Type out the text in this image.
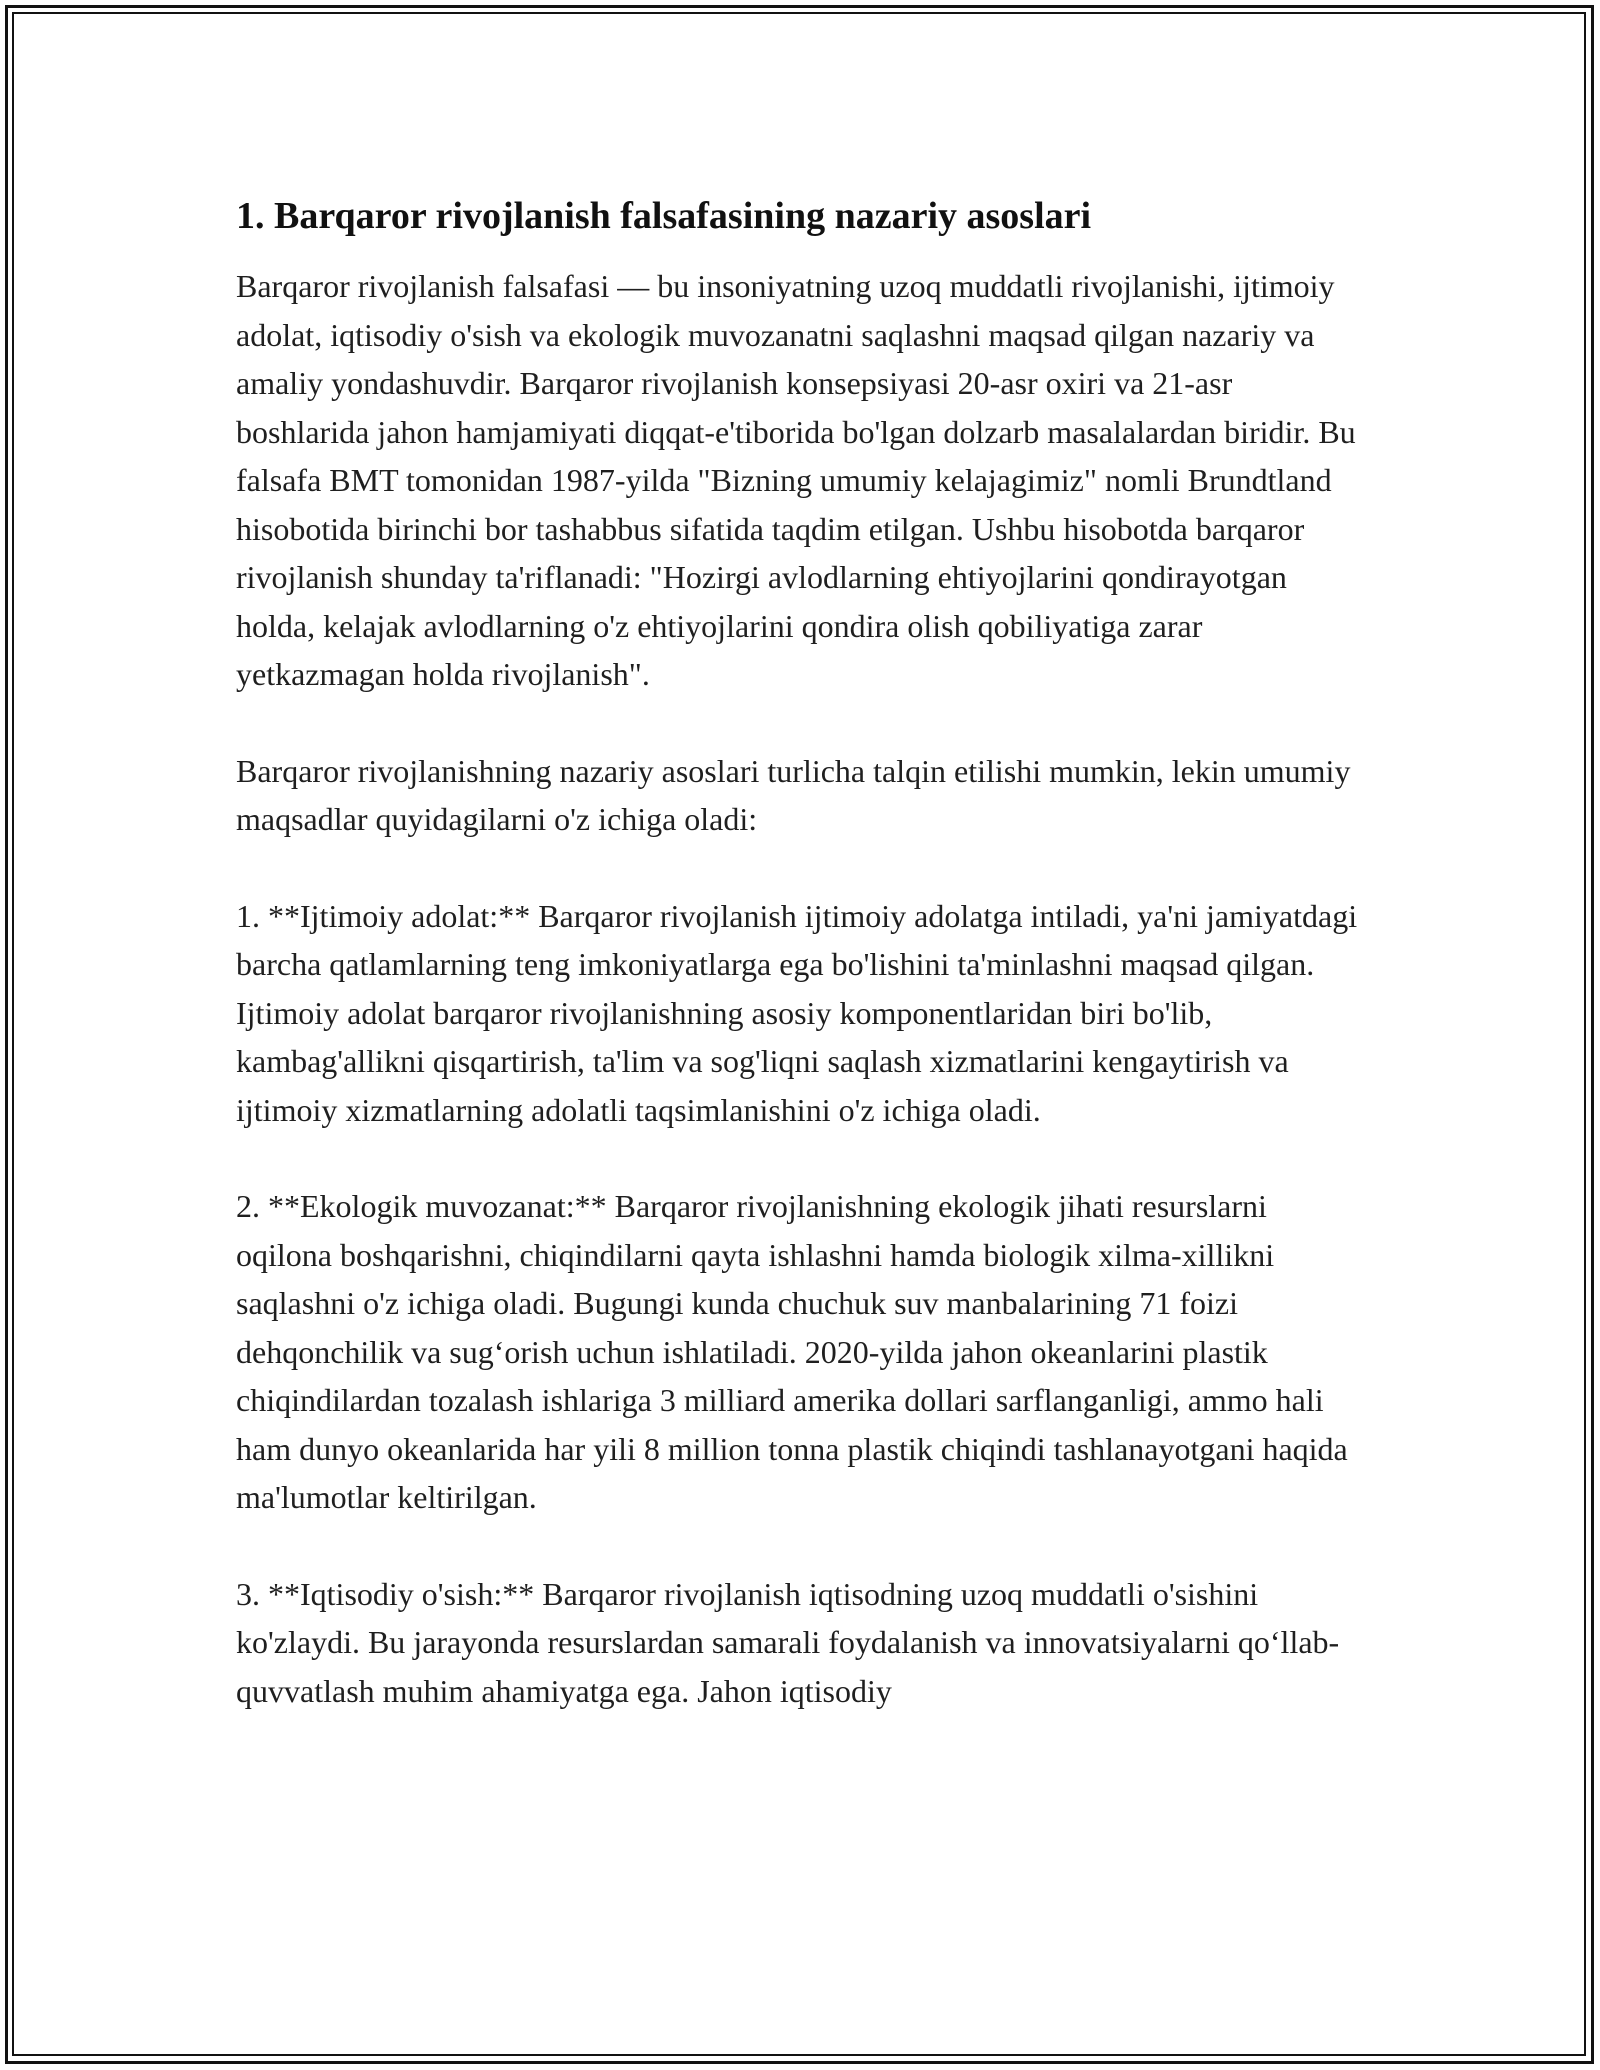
1. Barqaror rivojlanish falsafasining nazariy asoslari

Barqaror rivojlanish falsafasi — bu insoniyatning uzoq muddatli rivojlanishi, ijtimoiy adolat, iqtisodiy o'sish va ekologik muvozanatni saqlashni maqsad qilgan nazariy va amaliy yondashuvdir. Barqaror rivojlanish konsepsiyasi 20-asr oxiri va 21-asr boshlarida jahon hamjamiyati diqqat-e'tiborida bo'lgan dolzarb masalalardan biridir. Bu falsafa BMT tomonidan 1987-yilda "Bizning umumiy kelajagimiz" nomli Brundtland hisobotida birinchi bor tashabbus sifatida taqdim etilgan. Ushbu hisobotda barqaror rivojlanish shunday ta'riflanadi: "Hozirgi avlodlarning ehtiyojlarini qondirayotgan holda, kelajak avlodlarning o'z ehtiyojlarini qondira olish qobiliyatiga zarar yetkazmagan holda rivojlanish".

Barqaror rivojlanishning nazariy asoslari turlicha talqin etilishi mumkin, lekin umumiy maqsadlar quyidagilarni o'z ichiga oladi:

1. **Ijtimoiy adolat:** Barqaror rivojlanish ijtimoiy adolatga intiladi, ya'ni jamiyatdagi barcha qatlamlarning teng imkoniyatlarga ega bo'lishini ta'minlashni maqsad qilgan. Ijtimoiy adolat barqaror rivojlanishning asosiy komponentlaridan biri bo'lib, kambag'allikni qisqartirish, ta'lim va sog'liqni saqlash xizmatlarini kengaytirish va ijtimoiy xizmatlarning adolatli taqsimlanishini o'z ichiga oladi.

2. **Ekologik muvozanat:** Barqaror rivojlanishning ekologik jihati resurslarni oqilona boshqarishni, chiqindilarni qayta ishlashni hamda biologik xilma-xillikni saqlashni o'z ichiga oladi. Bugungi kunda chuchuk suv manbalarining 71 foizi dehqonchilik va sug‘orish uchun ishlatiladi. 2020-yilda jahon okeanlarini plastik chiqindilardan tozalash ishlariga 3 milliard amerika dollari sarflanganligi, ammo hali ham dunyo okeanlarida har yili 8 million tonna plastik chiqindi tashlanayotgani haqida ma'lumotlar keltirilgan.

3. **Iqtisodiy o'sish:** Barqaror rivojlanish iqtisodning uzoq muddatli o'sishini ko'zlaydi. Bu jarayonda resurslardan samarali foydalanish va innovatsiyalarni qo‘llab-quvvatlash muhim ahamiyatga ega. Jahon iqtisodiy
